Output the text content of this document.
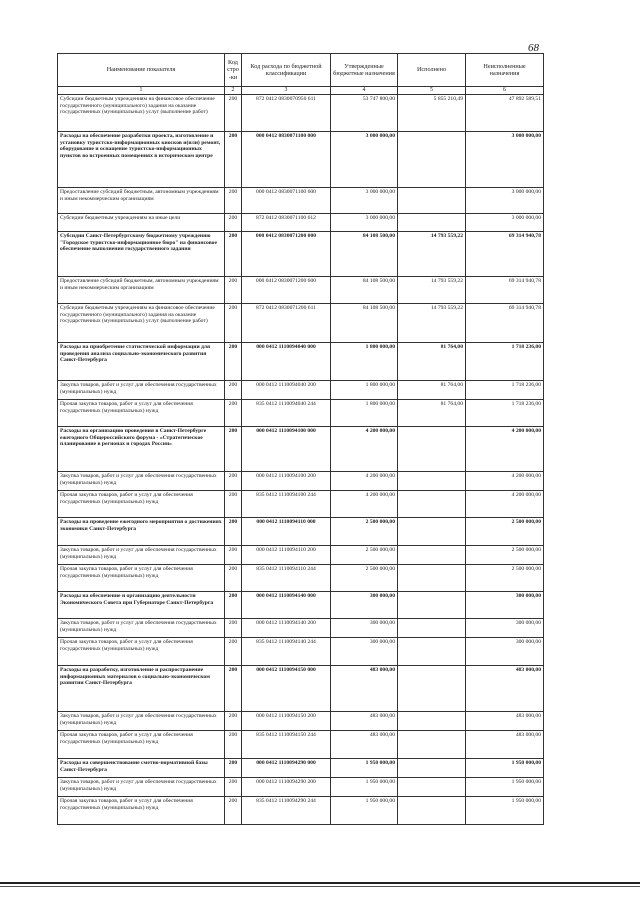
68
Наименование показателя	Код стро-ки	Код расхода по бюджетной классификации	Утвержденные бюджетные назначения	Исполнено	Неисполненные назначения
1	2	3	4	5	6
Субсидии бюджетным учреждениям на финансовое обеспечение государственного (муниципального) задания на оказание государственных (муниципальных) услуг (выполнение работ)	200	872 0412 0830070950 611	53 747 800,00	5 855 210,49	47 892 589,51
Расходы на обеспечение разработки проекта, изготовление и установку туристско-информационных киосков и(или) ремонт, оборудование и оснащение туристско-информационных пунктов во встроенных помещениях в историческом центре	200	000 0412 0830071100 000	3 000 000,00		3 000 000,00
Предоставление субсидий бюджетным, автономным учреждениям и иным некоммерческим организациям	200	000 0412 0830071100 600	3 000 000,00		3 000 000,00
Субсидии бюджетным учреждениям на иные цели	200	872 0412 0830071100 612	3 000 000,00		3 000 000,00
Субсидии Санкт-Петербургскому бюджетному учреждению "Городское туристско-информационное бюро" на финансовое обеспечение выполнения государственного задания	200	000 0412 0830071200 000	84 108 500,00	14 793 559,22	69 314 940,78
Предоставление субсидий бюджетным, автономным учреждениям и иным некоммерческим организациям	200	000 0412 0830071200 600	84 108 500,00	14 793 559,22	69 314 940,78
Субсидии бюджетным учреждениям на финансовое обеспечение государственного (муниципального) задания на оказание государственных (муниципальных) услуг (выполнение работ)	200	872 0412 0830071200 611	84 108 500,00	14 793 559,22	69 314 940,78
Расходы на приобретение статистической информации для проведения анализа социально-экономического развития Санкт-Петербурга	200	000 0412 1110094040 000	1 800 000,00	81 764,00	1 718 236,00
Закупка товаров, работ и услуг для обеспечения государственных (муниципальных) нужд	200	000 0412 1110094040 200	1 800 000,00	81 764,00	1 718 236,00
Прочая закупка товаров, работ и услуг для обеспечения государственных (муниципальных) нужд	200	835 0412 1110094040 244	1 800 000,00	81 764,00	1 718 236,00
Расходы на организацию проведения в Санкт-Петербурге ежегодного Общероссийского форума - «Стратегическое планирование в регионах и городах России»	200	000 0412 1110094100 000	4 200 000,00		4 200 000,00
Закупка товаров, работ и услуг для обеспечения государственных (муниципальных) нужд	200	000 0412 1110094100 200	4 200 000,00		4 200 000,00
Прочая закупка товаров, работ и услуг для обеспечения государственных (муниципальных) нужд	200	835 0412 1110094100 244	4 200 000,00		4 200 000,00
Расходы на проведение ежегодного мероприятия о достижениях экономики Санкт-Петербурга	200	000 0412 1110094110 000	2 500 000,00		2 500 000,00
Закупка товаров, работ и услуг для обеспечения государственных (муниципальных) нужд	200	000 0412 1110094110 200	2 500 000,00		2 500 000,00
Прочая закупка товаров, работ и услуг для обеспечения государственных (муниципальных) нужд	200	835 0412 1110094110 244	2 500 000,00		2 500 000,00
Расходы на обеспечение и организацию деятельности Экономического Совета при Губернаторе Санкт-Петербурга	200	000 0412 1110094140 000	300 000,00		300 000,00
Закупка товаров, работ и услуг для обеспечения государственных (муниципальных) нужд	200	000 0412 1110094140 200	300 000,00		300 000,00
Прочая закупка товаров, работ и услуг для обеспечения государственных (муниципальных) нужд	200	835 0412 1110094140 244	300 000,00		300 000,00
Расходы на разработку, изготовление и распространение информационных материалов о социально-экономическом развитии Санкт-Петербурга	200	000 0412 1110094150 000	483 000,00		483 000,00
Закупка товаров, работ и услуг для обеспечения государственных (муниципальных) нужд	200	000 0412 1110094150 200	483 000,00		483 000,00
Прочая закупка товаров, работ и услуг для обеспечения государственных (муниципальных) нужд	200	835 0412 1110094150 244	483 000,00		483 000,00
Расходы на совершенствование сметно-нормативной базы Санкт-Петербурга	200	000 0412 1110094290 000	1 950 000,00		1 950 000,00
Закупка товаров, работ и услуг для обеспечения государственных (муниципальных) нужд	200	000 0412 1110094290 200	1 950 000,00		1 950 000,00
Прочая закупка товаров, работ и услуг для обеспечения государственных (муниципальных) нужд	200	835 0412 1110094290 244	1 950 000,00		1 950 000,00
